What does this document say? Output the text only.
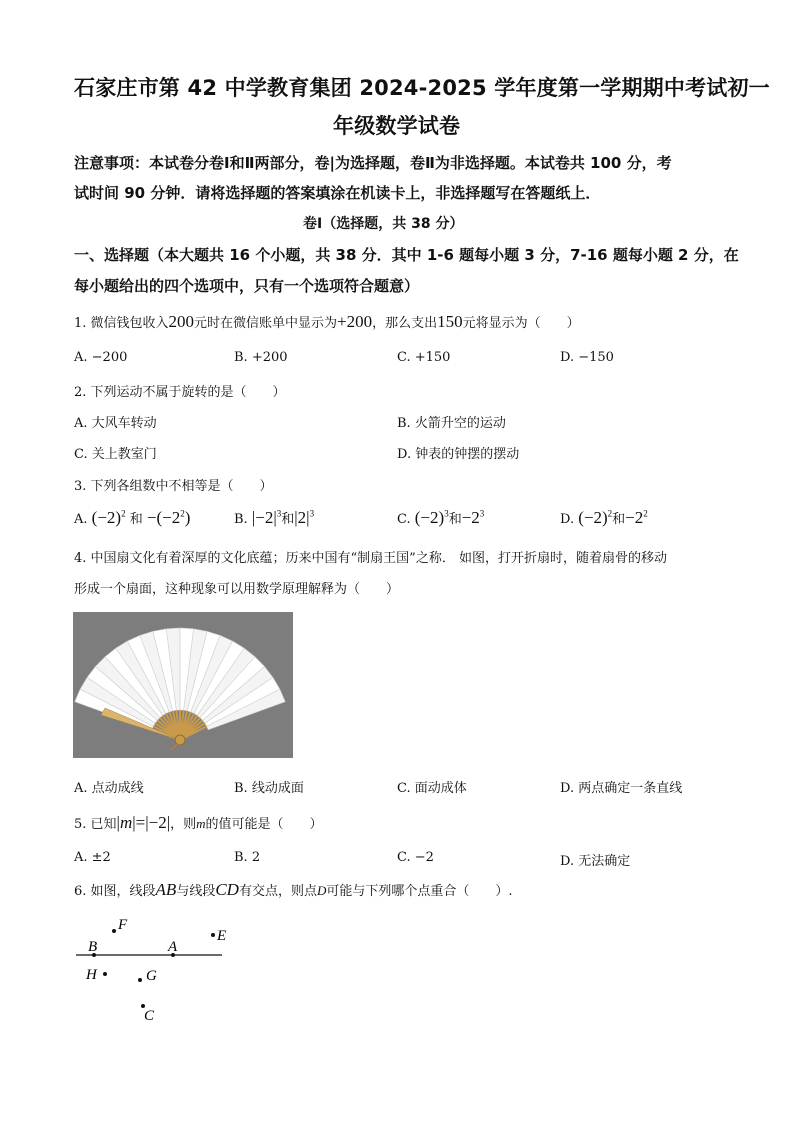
石家庄市第 42 中学教育集团 2024-2025 学年度第一学期期中考试初一
年级数学试卷
注意事项：本试卷分卷Ⅰ和Ⅱ两部分，卷|为选择题，卷Ⅱ为非选择题。本试卷共 100 分，考
试时间 90 分钟．请将选择题的答案填涂在机读卡上，非选择题写在答题纸上．
卷Ⅰ（选择题，共 38 分）
一、选择题（本大题共 16 个小题，共 38 分．其中 1-6 题每小题 3 分，7-16 题每小题 2 分，在
每小题给出的四个选项中，只有一个选项符合题意）
1. 微信钱包收入200元时在微信账单中显示为+200，那么支出150元将显示为（　　）
A. −200	B. +200	C. +150	D. −150
2. 下列运动不属于旋转的是（　　）
A. 大风车转动	B. 火箭升空的运动
C. 关上教室门	D. 钟表的钟摆的摆动
3. 下列各组数中不相等是（　　）
A. $(-2)^2$ 和 $-(-2^2)$	B. $|-2|^3$和$|2|^3$	C. $(-2)^3$和$-2^3$	D. $(-2)^2$和$-2^2$
4. 中国扇文化有着深厚的文化底蕴；历来中国有“制扇王国”之称． 如图，打开折扇时，随着扇骨的移动
形成一个扇面，这种现象可以用数学原理解释为（　　）
A. 点动成线	B. 线动成面	C. 面动成体	D. 两点确定一条直线
5. 已知|m|=|−2|，则m的值可能是（　　）
A. ±2	B. 2	C. −2	D. 无法确定
6. 如图，线段AB与线段CD有交点，则点D可能与下列哪个点重合（　　）.
F
B	A
E
H	G
C
